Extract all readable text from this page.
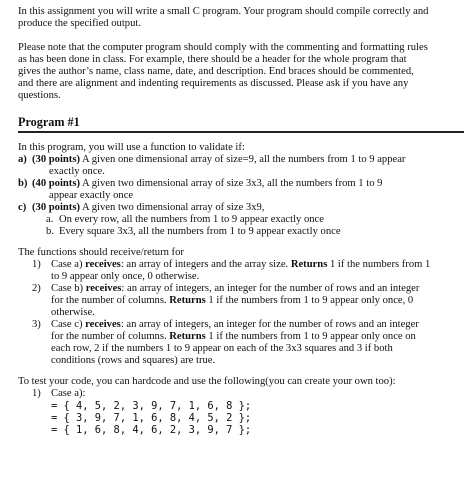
In this assignment you will write a small C program. Your program should compile correctly and

produce the specified output.

Please note that the computer program should comply with the commenting and formatting rules

as has been done in class. For example, there should be a header for the whole program that

gives the author’s name, class name, date, and description. End braces should be commented,

and there are alignment and indenting requirements as discussed. Please ask if you have any

questions.

Program #1

In this program, you will use a function to validate if:

a) (30 points) A given one dimensional array of size=9, all the numbers from 1 to 9 appear

exactly once.

b) (40 points) A given two dimensional array of size 3x3, all the numbers from 1 to 9

appear exactly once

c) (30 points) A given two dimensional array of size 3x9,

a. On every row, all the numbers from 1 to 9 appear exactly once
b. Every square 3x3, all the numbers from 1 to 9 appear exactly once

The functions should receive/return for

1) Case a) receives: an array of integers and the array size. Returns 1 if the numbers from 1

to 9 appear only once, 0 otherwise.

2) Case b) receives: an array of integers, an integer for the number of rows and an integer

for the number of columns. Returns 1 if the numbers from 1 to 9 appear only once, 0

otherwise.

3) Case c) receives: an array of integers, an integer for the number of rows and an integer

for the number of columns. Returns 1 if the numbers from 1 to 9 appear only once on

each row, 2 if the numbers 1 to 9 appear on each of the 3x3 squares and 3 if both

conditions (rows and squares) are true.

To test your code, you can hardcode and use the following(you can create your own too):

1) Case a):
= { 4, 5, 2, 3, 9, 7, 1, 6, 8 };
= { 3, 9, 7, 1, 6, 8, 4, 5, 2 };
= { 1, 6, 8, 4, 6, 2, 3, 9, 7 };
